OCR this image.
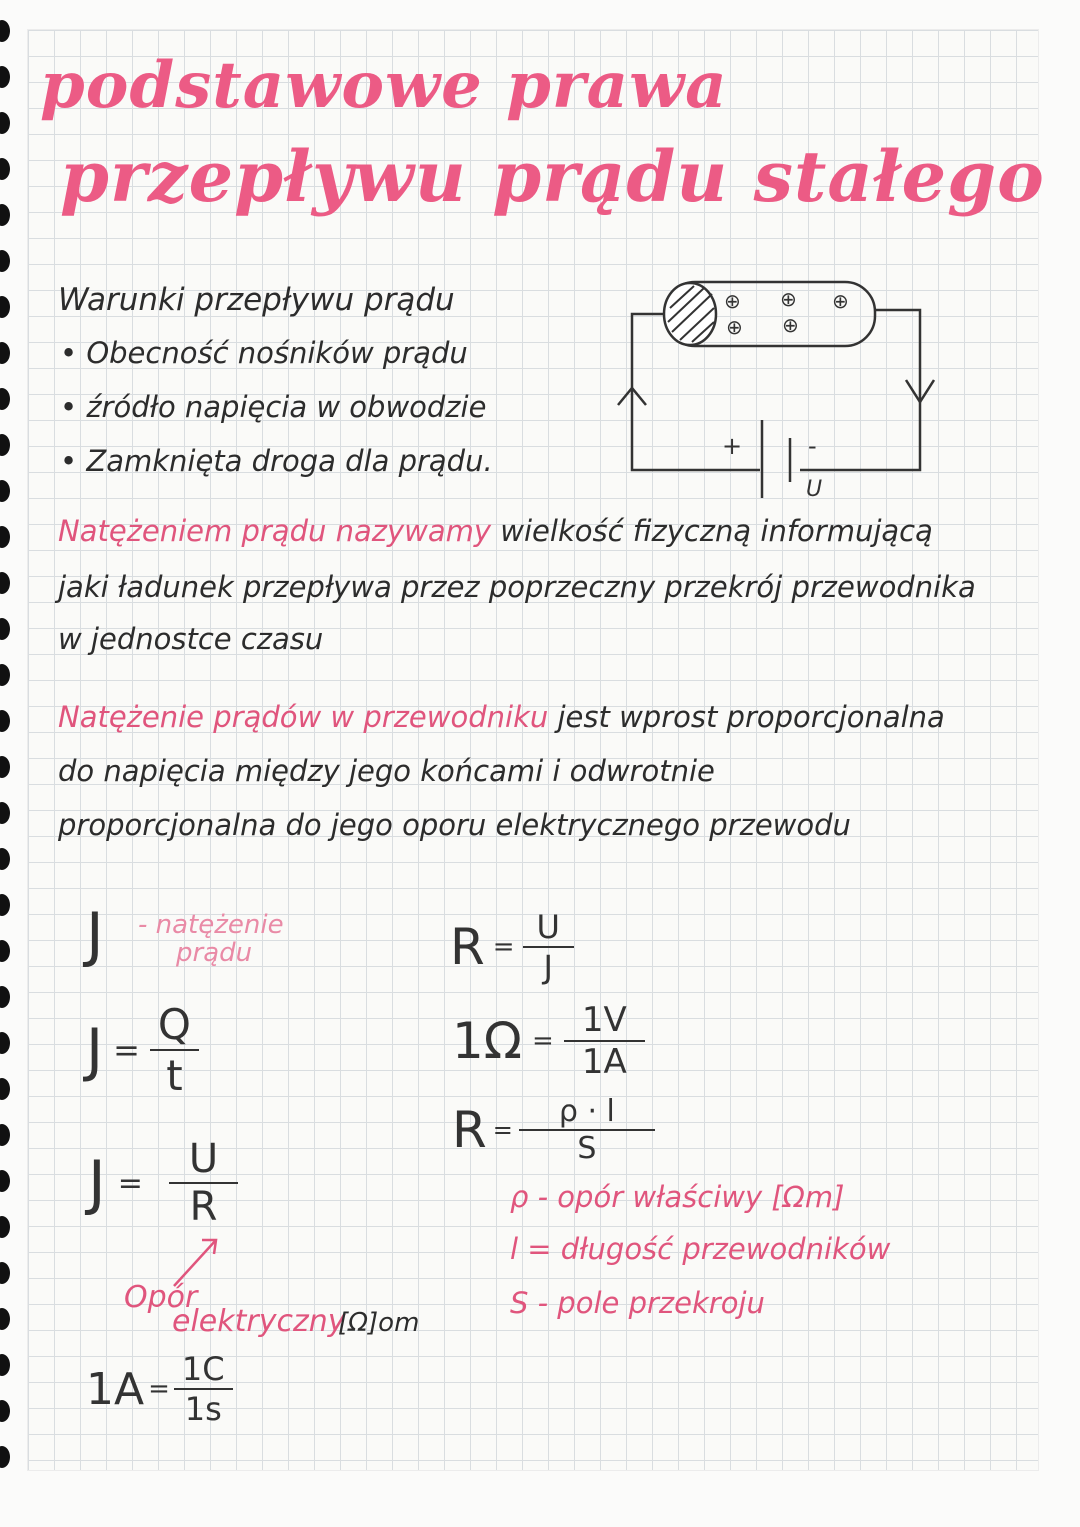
podstawowe prawa
przepływu prądu stałego
Warunki przepływu prądu
• Obecność nośników prądu
• źródło napięcia w obwodzie
• Zamknięta droga dla prądu.	+	-
U
⊕ ⊕ ⊕
⊕ ⊕
Natężeniem prądu nazywamy wielkość fizyczną informującą
jaki ładunek przepływa przez poprzeczny przekrój przewodnika
w jednostce czasu
Natężenie prądów w przewodniku jest wprost proporcjonalna
do napięcia między jego końcami i odwrotnie
proporcjonalna do jego oporu elektrycznego przewodu
J - natężenie
prądu
$J = \frac{Q}{t}$
$J = \frac{U}{R}$
Opór
elektryczny
[Ω]om
$1A = \frac{1C}{1s}$
$R = \frac{U}{J}$
$1\Omega = \frac{1V}{1A}$
$R = \frac{\rho \cdot l}{S}$
ρ - opór właściwy [Ωm]
l = długość przewodników
S - pole przekroju
